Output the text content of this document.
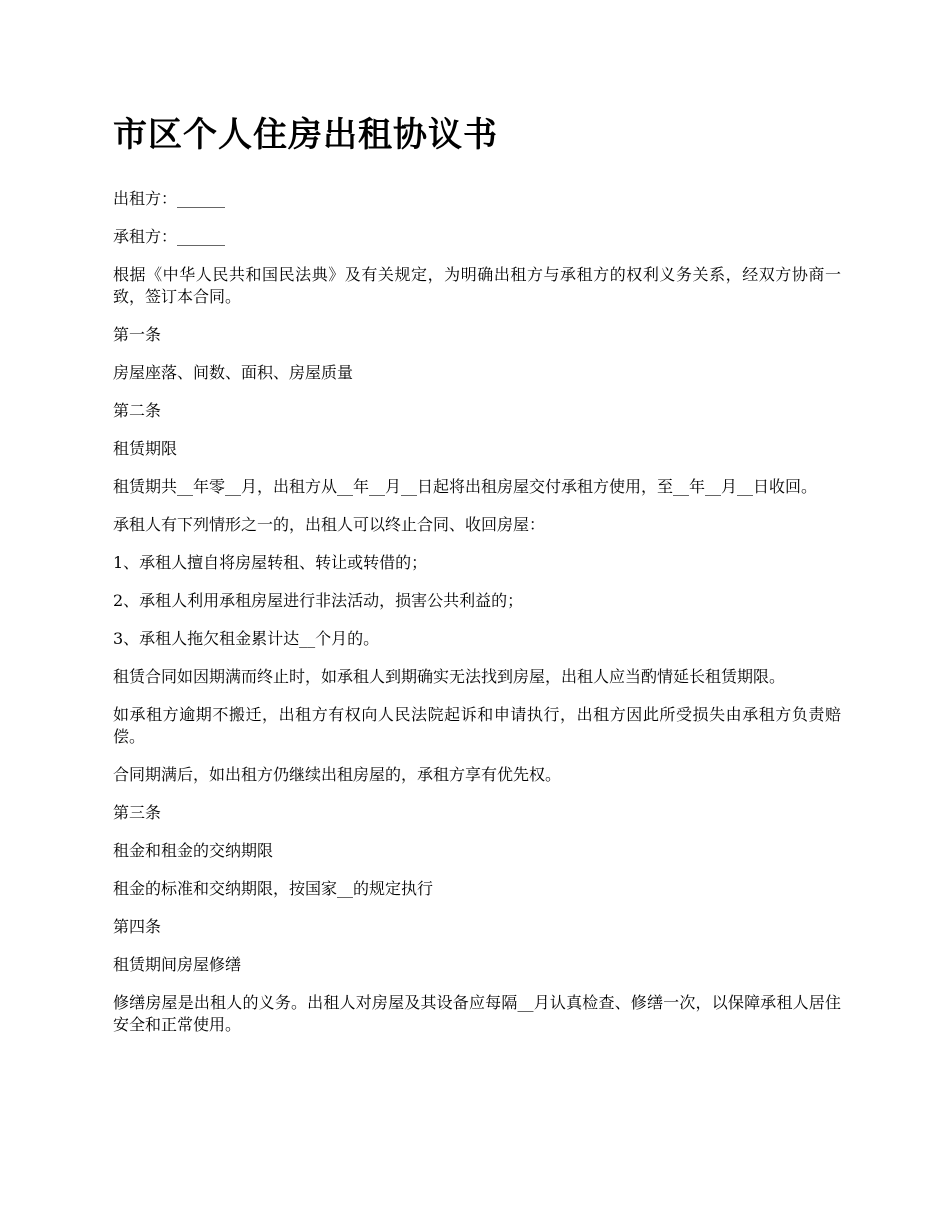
市区个人住房出租协议书

出租方：______

承租方：______

根据《中华人民共和国民法典》及有关规定，为明确出租方与承租方的权利义务关系，经双方协商一致，签订本合同。

第一条

房屋座落、间数、面积、房屋质量

第二条

租赁期限

租赁期共__年零__月，出租方从__年__月__日起将出租房屋交付承租方使用，至__年__月__日收回。

承租人有下列情形之一的，出租人可以终止合同、收回房屋：

1、承租人擅自将房屋转租、转让或转借的；

2、承租人利用承租房屋进行非法活动，损害公共利益的；

3、承租人拖欠租金累计达__个月的。

租赁合同如因期满而终止时，如承租人到期确实无法找到房屋，出租人应当酌情延长租赁期限。

如承租方逾期不搬迁，出租方有权向人民法院起诉和申请执行，出租方因此所受损失由承租方负责赔偿。

合同期满后，如出租方仍继续出租房屋的，承租方享有优先权。

第三条

租金和租金的交纳期限

租金的标准和交纳期限，按国家__的规定执行

第四条

租赁期间房屋修缮

修缮房屋是出租人的义务。出租人对房屋及其设备应每隔__月认真检查、修缮一次，以保障承租人居住安全和正常使用。
